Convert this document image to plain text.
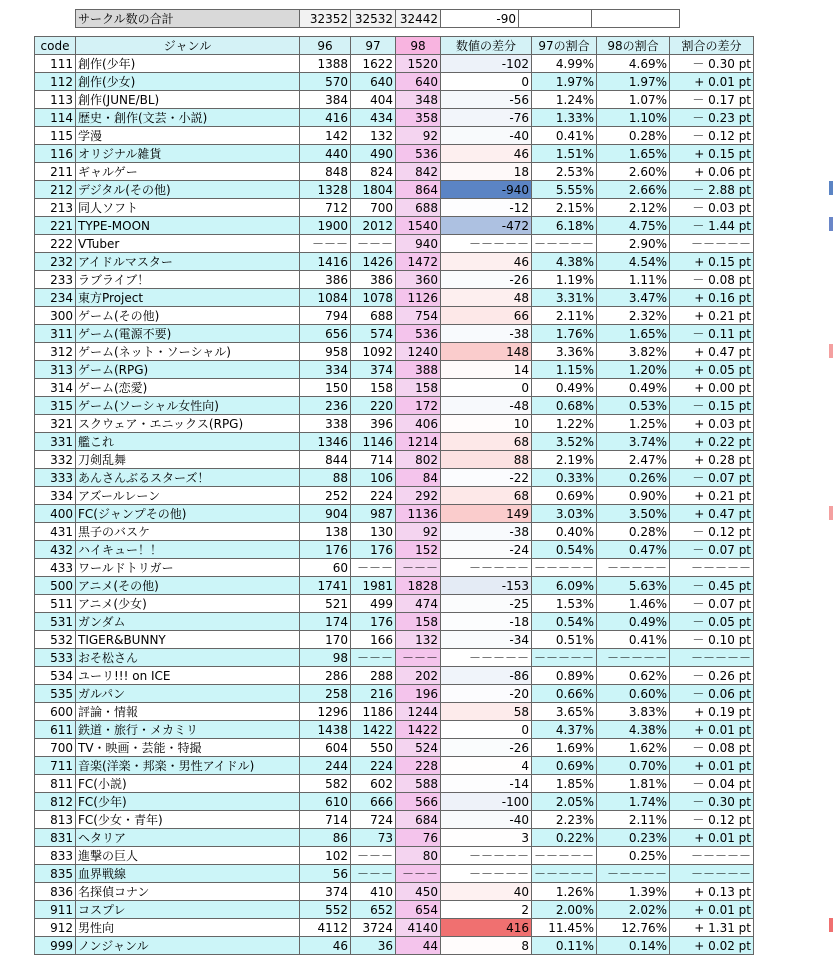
サークル数の合計	32352	32532	32442	-90		
code	ジャンル	96	97	98	数値の差分	97の割合	98の割合	割合の差分
111	創作(少年)	1388	1622	1520	-102	4.99%	4.69%	－ 0.30 pt
112	創作(少女)	570	640	640	0	1.97%	1.97%	+ 0.01 pt
113	創作(JUNE/BL)	384	404	348	-56	1.24%	1.07%	－ 0.17 pt
114	歴史・創作(文芸・小説)	416	434	358	-76	1.33%	1.10%	－ 0.23 pt
115	学漫	142	132	92	-40	0.41%	0.28%	－ 0.12 pt
116	オリジナル雑貨	440	490	536	46	1.51%	1.65%	+ 0.15 pt
211	ギャルゲー	848	824	842	18	2.53%	2.60%	+ 0.06 pt
212	デジタル(その他)	1328	1804	864	-940	5.55%	2.66%	－ 2.88 pt
213	同人ソフト	712	700	688	-12	2.15%	2.12%	－ 0.03 pt
221	TYPE-MOON	1900	2012	1540	-472	6.18%	4.75%	－ 1.44 pt
222	VTuber	－－－	－－－	940	－－－－－	－－－－－	2.90%	－－－－－
232	アイドルマスター	1416	1426	1472	46	4.38%	4.54%	+ 0.15 pt
233	ラブライブ！	386	386	360	-26	1.19%	1.11%	－ 0.08 pt
234	東方Project	1084	1078	1126	48	3.31%	3.47%	+ 0.16 pt
300	ゲーム(その他)	794	688	754	66	2.11%	2.32%	+ 0.21 pt
311	ゲーム(電源不要)	656	574	536	-38	1.76%	1.65%	－ 0.11 pt
312	ゲーム(ネット・ソーシャル)	958	1092	1240	148	3.36%	3.82%	+ 0.47 pt
313	ゲーム(RPG)	334	374	388	14	1.15%	1.20%	+ 0.05 pt
314	ゲーム(恋愛)	150	158	158	0	0.49%	0.49%	+ 0.00 pt
315	ゲーム(ソーシャル女性向)	236	220	172	-48	0.68%	0.53%	－ 0.15 pt
321	スクウェア・エニックス(RPG)	338	396	406	10	1.22%	1.25%	+ 0.03 pt
331	艦これ	1346	1146	1214	68	3.52%	3.74%	+ 0.22 pt
332	刀剣乱舞	844	714	802	88	2.19%	2.47%	+ 0.28 pt
333	あんさんぶるスターズ！	88	106	84	-22	0.33%	0.26%	－ 0.07 pt
334	アズールレーン	252	224	292	68	0.69%	0.90%	+ 0.21 pt
400	FC(ジャンプその他)	904	987	1136	149	3.03%	3.50%	+ 0.47 pt
431	黒子のバスケ	138	130	92	-38	0.40%	0.28%	－ 0.12 pt
432	ハイキュー！！	176	176	152	-24	0.54%	0.47%	－ 0.07 pt
433	ワールドトリガー	60	－－－	－－－	－－－－－	－－－－－	－－－－－	－－－－－
500	アニメ(その他)	1741	1981	1828	-153	6.09%	5.63%	－ 0.45 pt
511	アニメ(少女)	521	499	474	-25	1.53%	1.46%	－ 0.07 pt
531	ガンダム	174	176	158	-18	0.54%	0.49%	－ 0.05 pt
532	TIGER&BUNNY	170	166	132	-34	0.51%	0.41%	－ 0.10 pt
533	おそ松さん	98	－－－	－－－	－－－－－	－－－－－	－－－－－	－－－－－
534	ユーリ!!! on ICE	286	288	202	-86	0.89%	0.62%	－ 0.26 pt
535	ガルパン	258	216	196	-20	0.66%	0.60%	－ 0.06 pt
600	評論・情報	1296	1186	1244	58	3.65%	3.83%	+ 0.19 pt
611	鉄道・旅行・メカミリ	1438	1422	1422	0	4.37%	4.38%	+ 0.01 pt
700	TV・映画・芸能・特撮	604	550	524	-26	1.69%	1.62%	－ 0.08 pt
711	音楽(洋楽・邦楽・男性アイドル)	244	224	228	4	0.69%	0.70%	+ 0.01 pt
811	FC(小説)	582	602	588	-14	1.85%	1.81%	－ 0.04 pt
812	FC(少年)	610	666	566	-100	2.05%	1.74%	－ 0.30 pt
813	FC(少女・青年)	714	724	684	-40	2.23%	2.11%	－ 0.12 pt
831	ヘタリア	86	73	76	3	0.22%	0.23%	+ 0.01 pt
833	進撃の巨人	102	－－－	80	－－－－－	－－－－－	0.25%	－－－－－
835	血界戦線	56	－－－	－－－	－－－－－	－－－－－	－－－－－	－－－－－
836	名探偵コナン	374	410	450	40	1.26%	1.39%	+ 0.13 pt
911	コスプレ	552	652	654	2	2.00%	2.02%	+ 0.01 pt
912	男性向	4112	3724	4140	416	11.45%	12.76%	+ 1.31 pt
999	ノンジャンル	46	36	44	8	0.11%	0.14%	+ 0.02 pt
